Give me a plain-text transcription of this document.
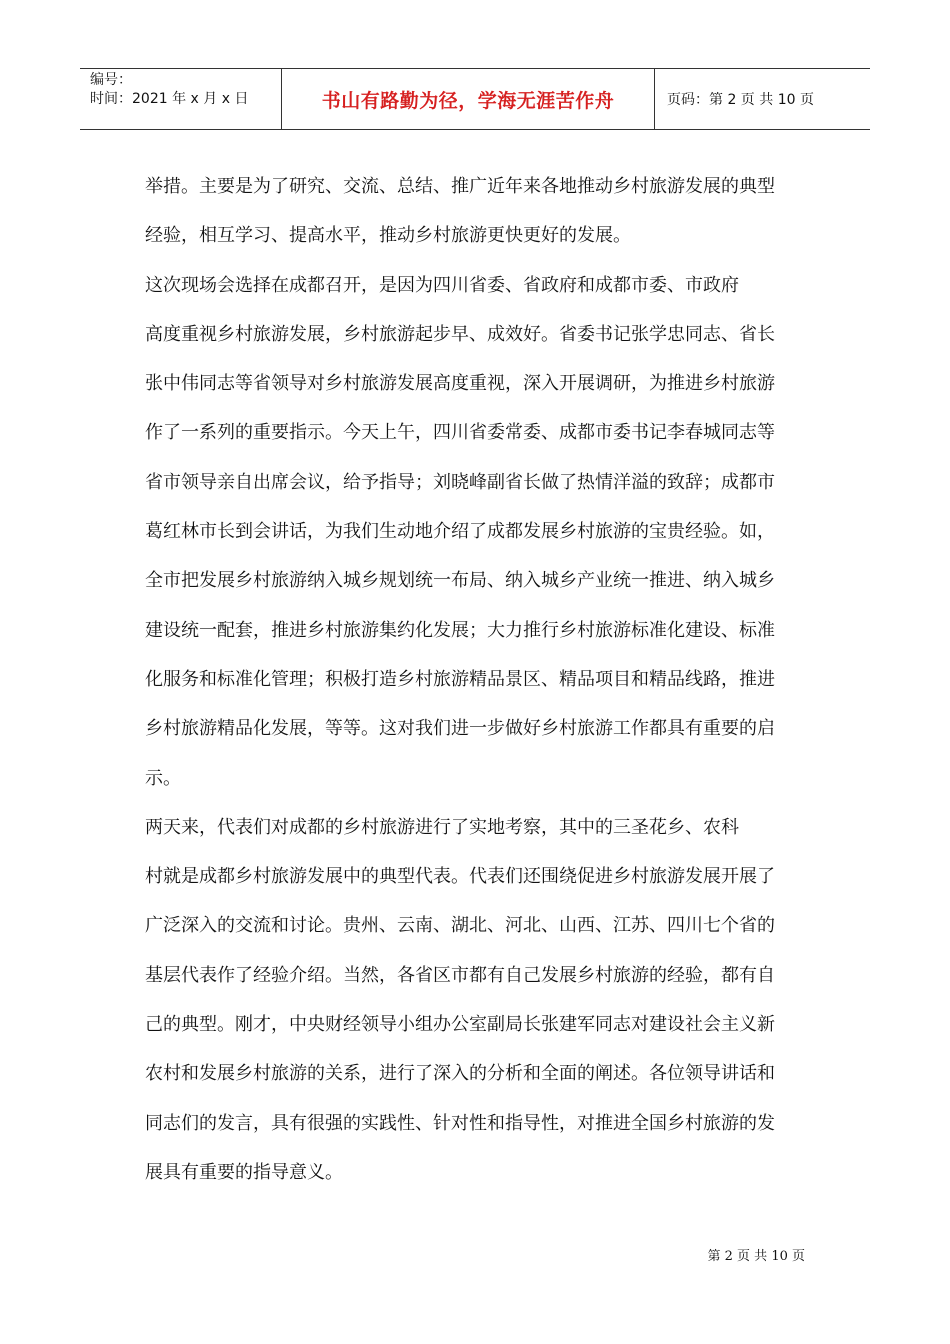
编号：
时间：2021 年 x 月 x 日	书山有路勤为径，学海无涯苦作舟	页码：第 2 页 共 10 页

举措。主要是为了研究、交流、总结、推广近年来各地推动乡村旅游发展的典型

经验，相互学习、提高水平，推动乡村旅游更快更好的发展。

这次现场会选择在成都召开，是因为四川省委、省政府和成都市委、市政府

高度重视乡村旅游发展，乡村旅游起步早、成效好。省委书记张学忠同志、省长

张中伟同志等省领导对乡村旅游发展高度重视，深入开展调研，为推进乡村旅游

作了一系列的重要指示。今天上午，四川省委常委、成都市委书记李春城同志等

省市领导亲自出席会议，给予指导；刘晓峰副省长做了热情洋溢的致辞；成都市

葛红林市长到会讲话，为我们生动地介绍了成都发展乡村旅游的宝贵经验。如，

全市把发展乡村旅游纳入城乡规划统一布局、纳入城乡产业统一推进、纳入城乡

建设统一配套，推进乡村旅游集约化发展；大力推行乡村旅游标准化建设、标准

化服务和标准化管理；积极打造乡村旅游精品景区、精品项目和精品线路，推进

乡村旅游精品化发展，等等。这对我们进一步做好乡村旅游工作都具有重要的启

示。

两天来，代表们对成都的乡村旅游进行了实地考察，其中的三圣花乡、农科

村就是成都乡村旅游发展中的典型代表。代表们还围绕促进乡村旅游发展开展了

广泛深入的交流和讨论。贵州、云南、湖北、河北、山西、江苏、四川七个省的

基层代表作了经验介绍。当然，各省区市都有自己发展乡村旅游的经验，都有自

己的典型。刚才，中央财经领导小组办公室副局长张建军同志对建设社会主义新

农村和发展乡村旅游的关系，进行了深入的分析和全面的阐述。各位领导讲话和

同志们的发言，具有很强的实践性、针对性和指导性，对推进全国乡村旅游的发

展具有重要的指导意义。

第 2 页 共 10 页
